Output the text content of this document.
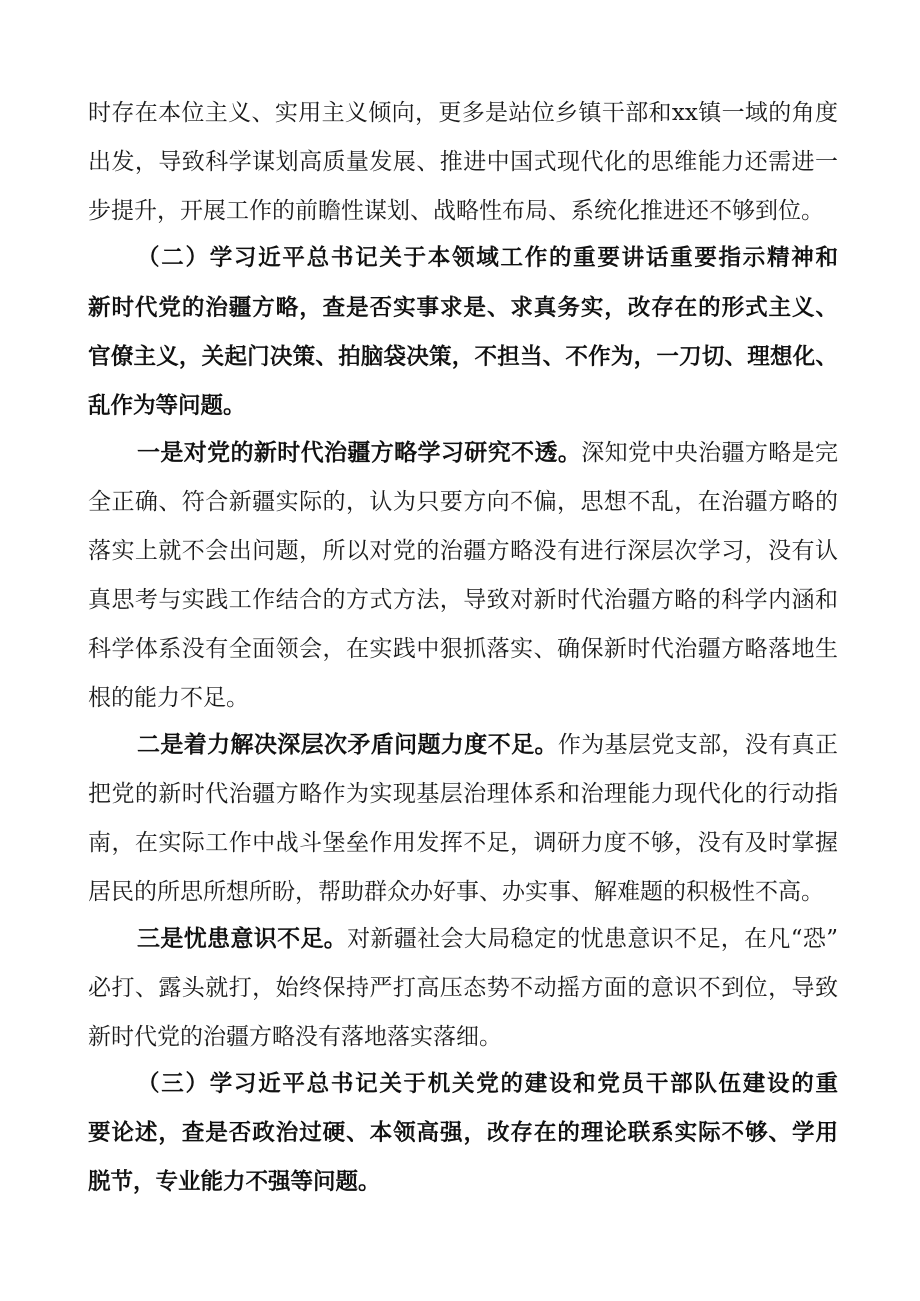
时存在本位主义、实用主义倾向，更多是站位乡镇干部和xx镇一域的角度
出发，导致科学谋划高质量发展、推进中国式现代化的思维能力还需进一
步提升，开展工作的前瞻性谋划、战略性布局、系统化推进还不够到位。
（二）学习近平总书记关于本领域工作的重要讲话重要指示精神和
新时代党的治疆方略，查是否实事求是、求真务实，改存在的形式主义、
官僚主义，关起门决策、拍脑袋决策，不担当、不作为，一刀切、理想化、
乱作为等问题。
一是对党的新时代治疆方略学习研究不透。深知党中央治疆方略是完
全正确、符合新疆实际的，认为只要方向不偏，思想不乱，在治疆方略的
落实上就不会出问题，所以对党的治疆方略没有进行深层次学习，没有认
真思考与实践工作结合的方式方法，导致对新时代治疆方略的科学内涵和
科学体系没有全面领会，在实践中狠抓落实、确保新时代治疆方略落地生
根的能力不足。
二是着力解决深层次矛盾问题力度不足。作为基层党支部，没有真正
把党的新时代治疆方略作为实现基层治理体系和治理能力现代化的行动指
南，在实际工作中战斗堡垒作用发挥不足，调研力度不够，没有及时掌握
居民的所思所想所盼，帮助群众办好事、办实事、解难题的积极性不高。
三是忧患意识不足。对新疆社会大局稳定的忧患意识不足，在凡“恐”
必打、露头就打，始终保持严打高压态势不动摇方面的意识不到位，导致
新时代党的治疆方略没有落地落实落细。
（三）学习近平总书记关于机关党的建设和党员干部队伍建设的重
要论述，查是否政治过硬、本领高强，改存在的理论联系实际不够、学用
脱节，专业能力不强等问题。
